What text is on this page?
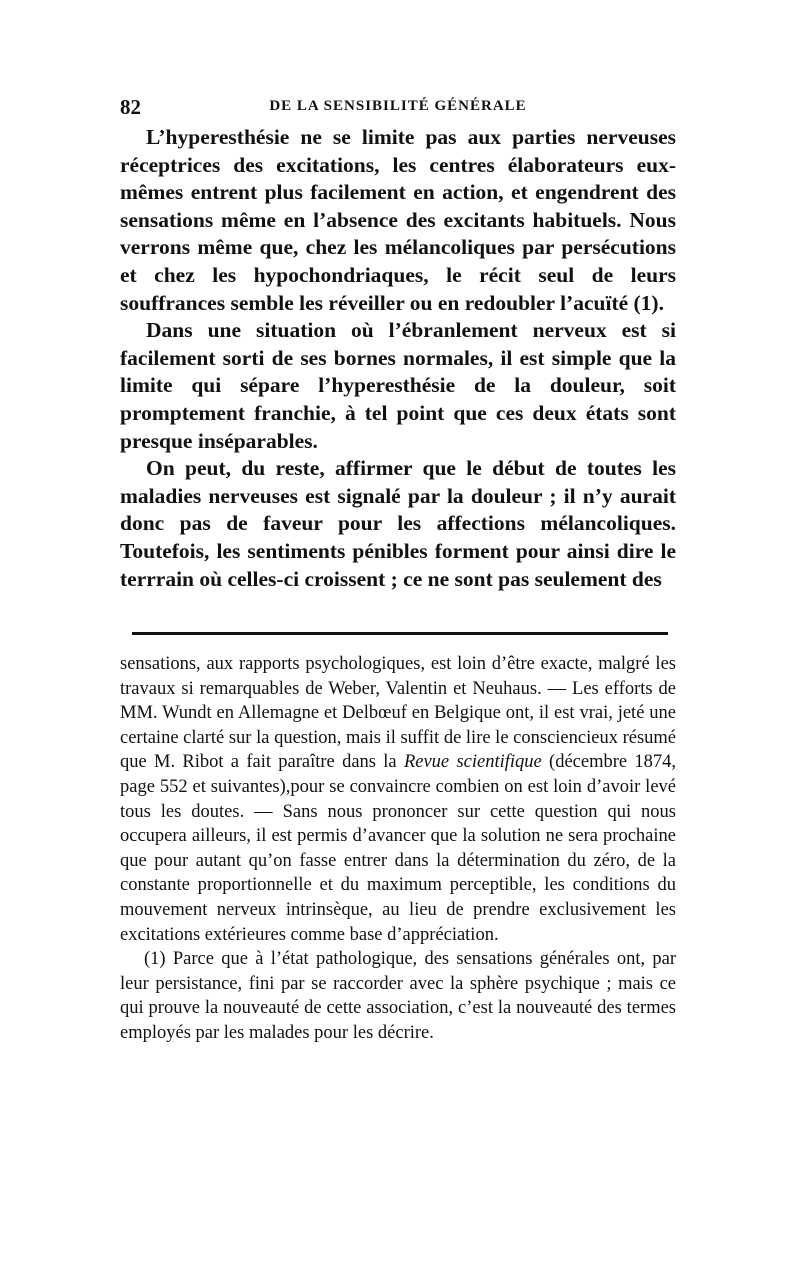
82	DE LA SENSIBILITÉ GÉNÉRALE

L’hyperesthésie ne se limite pas aux parties nerveuses réceptrices des excitations, les centres élaborateurs eux-mêmes entrent plus facilement en action, et engendrent des sensations même en l’absence des excitants habituels. Nous verrons même que, chez les mélancoliques par persécutions et chez les hypochondriaques, le récit seul de leurs souffrances semble les réveiller ou en redoubler l’acuïté (1).

Dans une situation où l’ébranlement nerveux est si facilement sorti de ses bornes normales, il est simple que la limite qui sépare l’hyperesthésie de la douleur, soit promptement franchie, à tel point que ces deux états sont presque inséparables.

On peut, du reste, affirmer que le début de toutes les maladies nerveuses est signalé par la douleur ; il n’y aurait donc pas de faveur pour les affections mélancoliques. Toutefois, les sentiments pénibles forment pour ainsi dire le terrrain où celles-ci croissent ; ce ne sont pas seulement des

sensations, aux rapports psychologiques, est loin d’être exacte, malgré les travaux si remarquables de Weber, Valentin et Neuhaus. — Les efforts de MM. Wundt en Allemagne et Delbœuf en Belgique ont, il est vrai, jeté une certaine clarté sur la question, mais il suffit de lire le consciencieux résumé que M. Ribot a fait paraître dans la Revue scientifique (décembre 1874, page 552 et suivantes),pour se convaincre combien on est loin d’avoir levé tous les doutes. — Sans nous prononcer sur cette question qui nous occupera ailleurs, il est permis d’avancer que la solution ne sera prochaine que pour autant qu’on fasse entrer dans la détermination du zéro, de la constante proportionnelle et du maximum perceptible, les conditions du mouvement nerveux intrinsèque, au lieu de prendre exclusivement les excitations extérieures comme base d’appréciation.

(1) Parce que à l’état pathologique, des sensations générales ont, par leur persistance, fini par se raccorder avec la sphère psychique ; mais ce qui prouve la nouveauté de cette association, c’est la nouveauté des termes employés par les malades pour les décrire.
